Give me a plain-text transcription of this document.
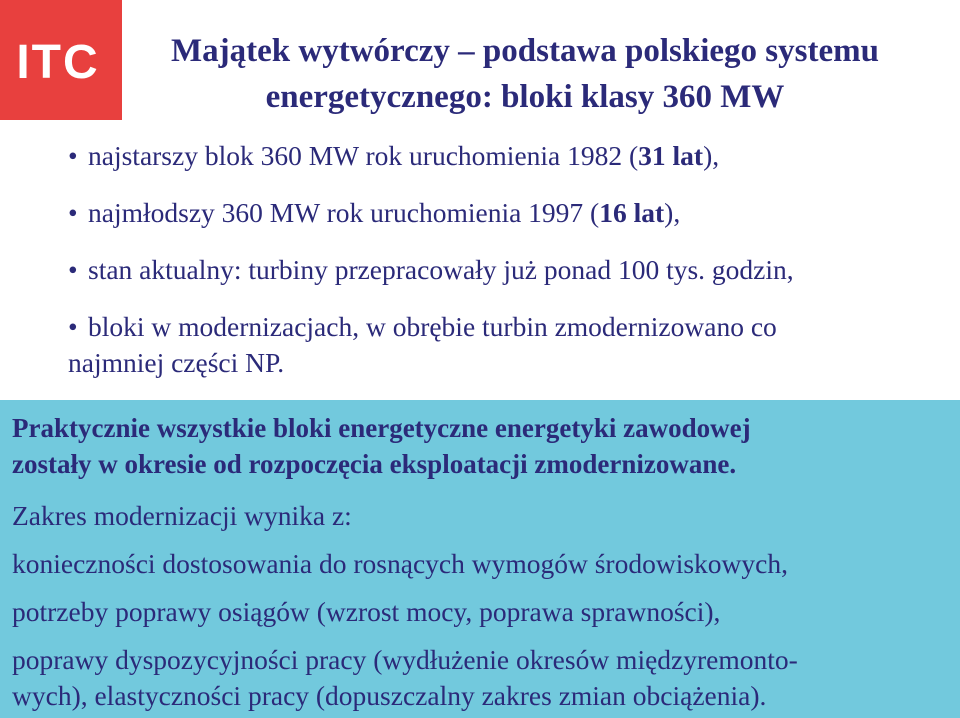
ITC	Majątek wytwórczy – podstawa polskiego systemu
energetycznego: bloki klasy 360 MW
• najstarszy blok 360 MW rok uruchomienia 1982 (31 lat),
• najmłodszy 360 MW rok uruchomienia 1997 (16 lat),
• stan aktualny: turbiny przepracowały już ponad 100 tys. godzin,
• bloki w modernizacjach, w obrębie turbin zmodernizowano co
najmniej części NP.
Praktycznie wszystkie bloki energetyczne energetyki zawodowej
zostały w okresie od rozpoczęcia eksploatacji zmodernizowane.
Zakres modernizacji wynika z:
konieczności dostosowania do rosnących wymogów środowiskowych,
potrzeby poprawy osiągów (wzrost mocy, poprawa sprawności),
poprawy dyspozycyjności pracy (wydłużenie okresów międzyremonto-
wych), elastyczności pracy (dopuszczalny zakres zmian obciążenia).
